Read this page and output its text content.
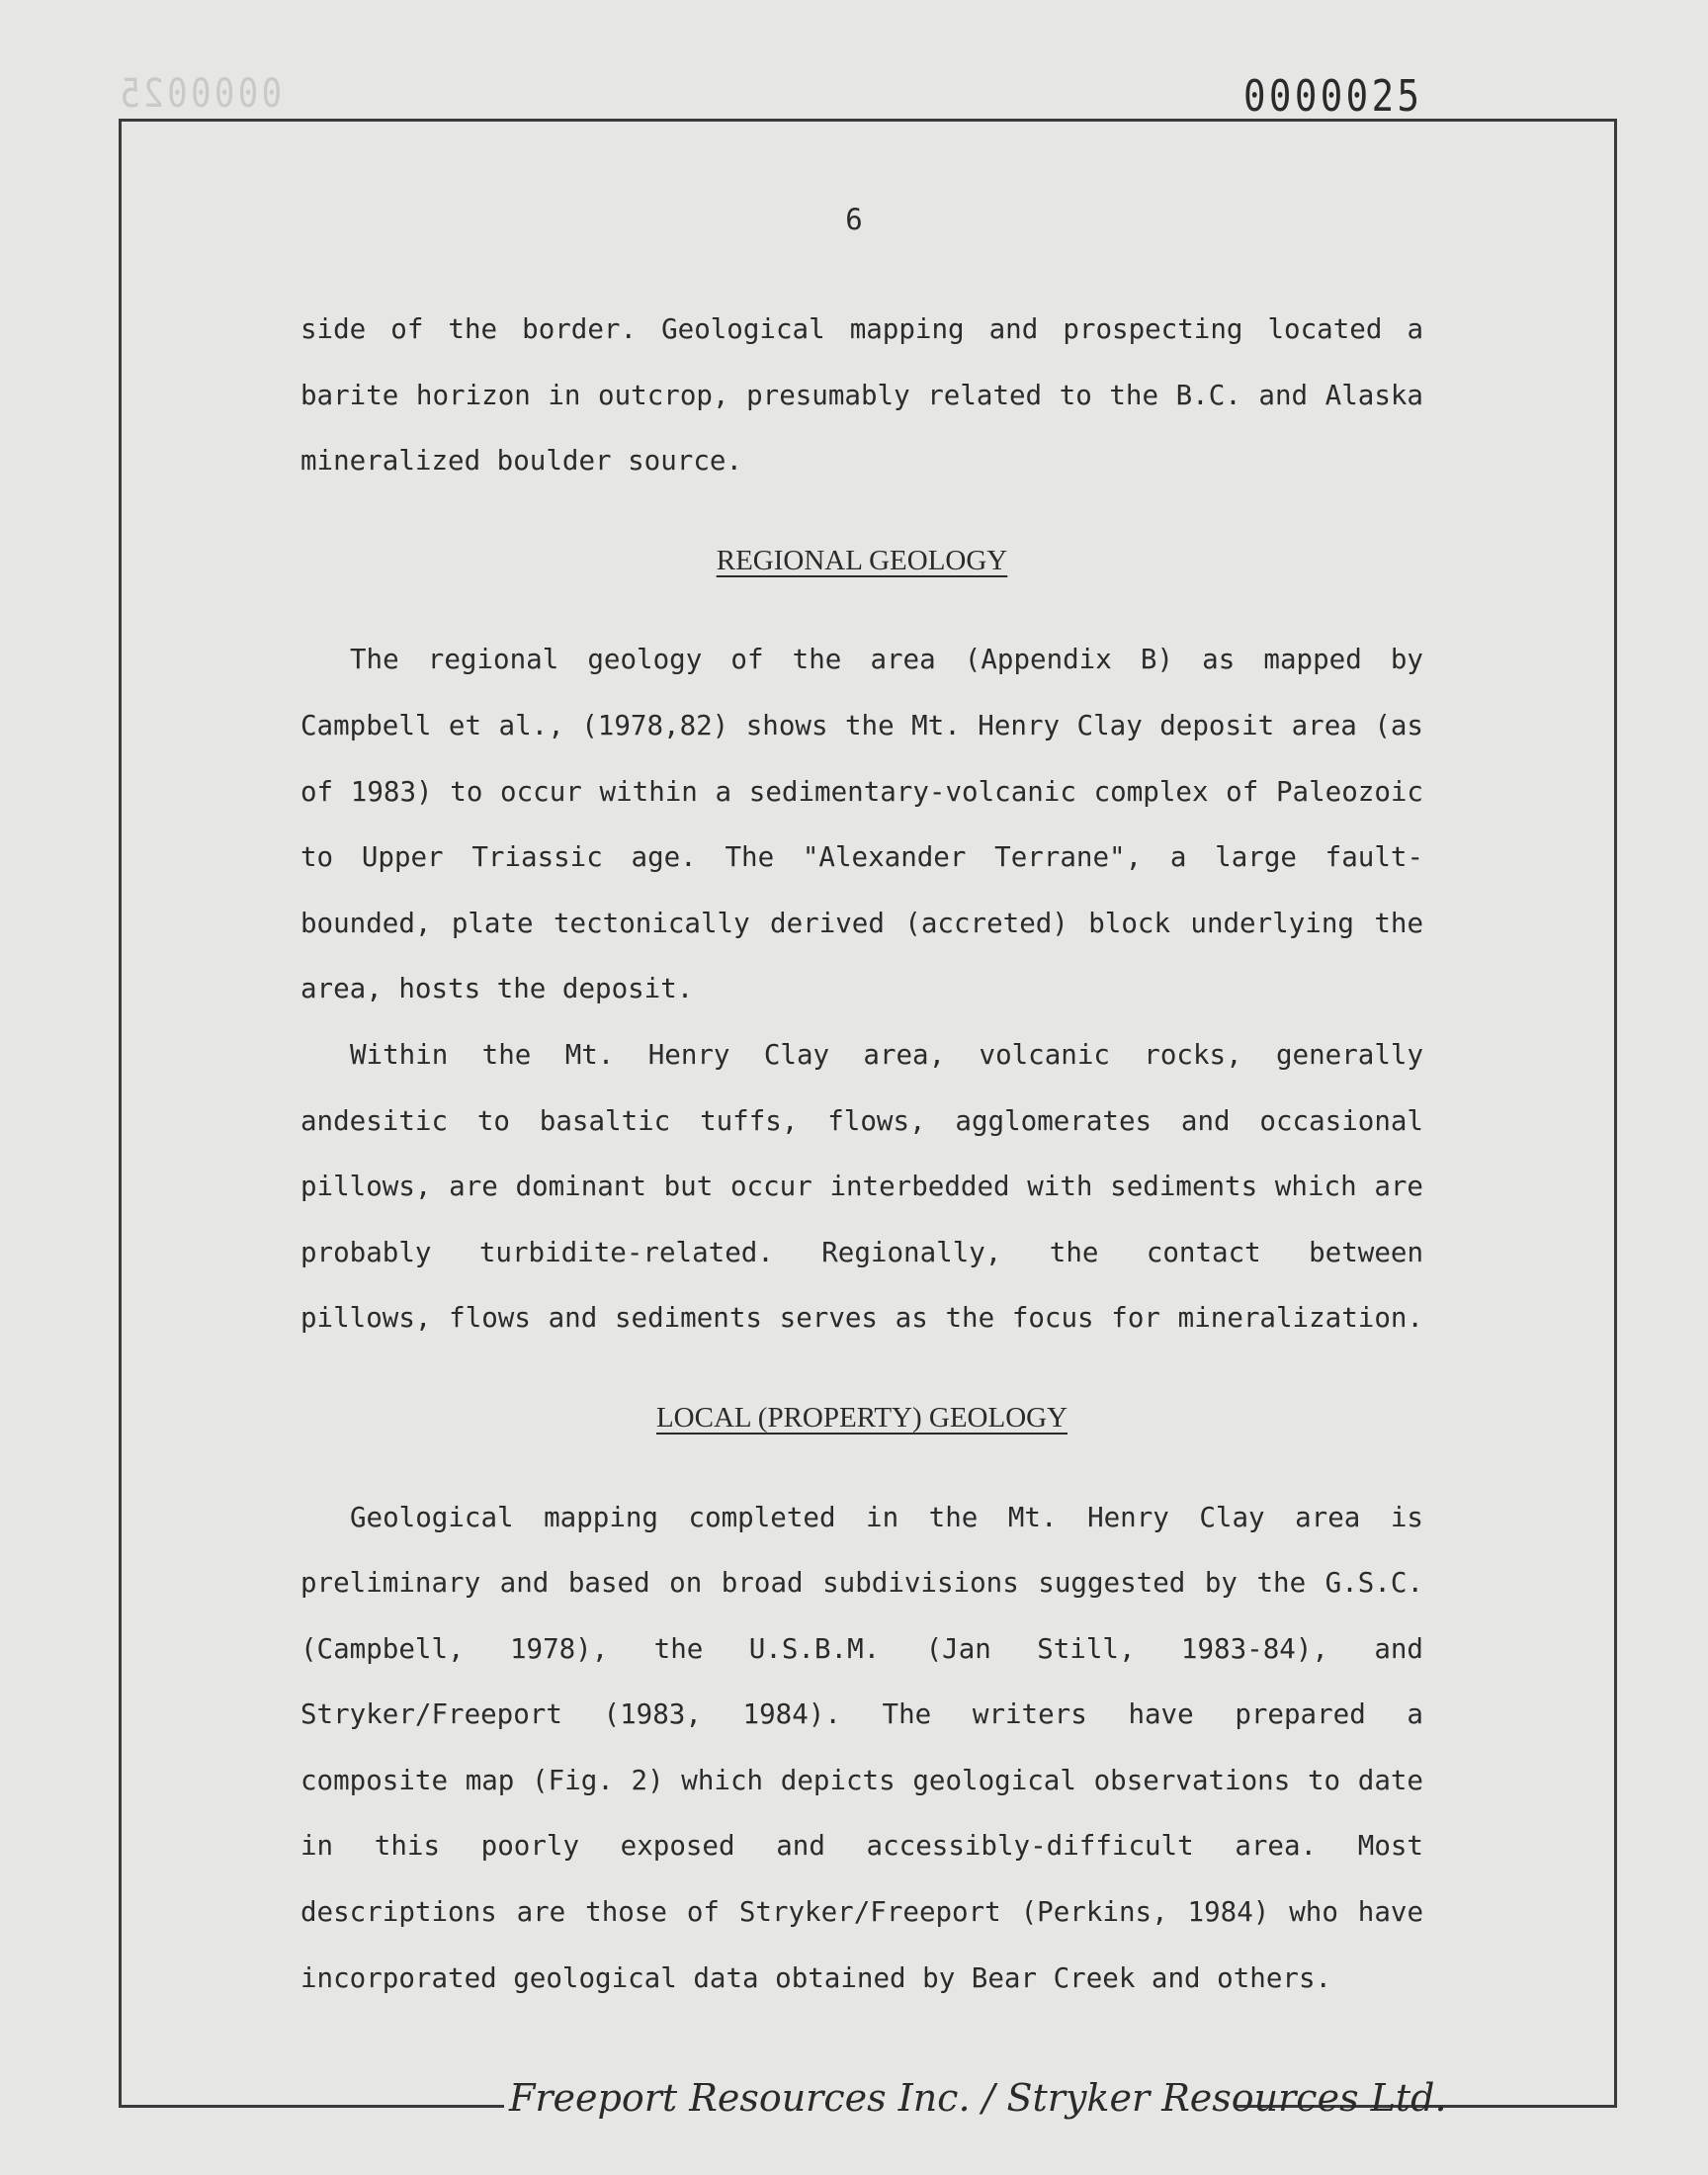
0000025	0000025
Freeport Resources Inc. / Stryker Resources Ltd.
6
side of the border. Geological mapping and prospecting located a
barite horizon in outcrop, presumably related to the B.C. and Alaska
mineralized boulder source.
REGIONAL GEOLOGY
The regional geology of the area (Appendix B) as mapped by
Campbell et al., (1978,82) shows the Mt. Henry Clay deposit area (as
of 1983) to occur within a sedimentary-volcanic complex of Paleozoic
to Upper Triassic age. The "Alexander Terrane", a large fault-
bounded, plate tectonically derived (accreted) block underlying the
area, hosts the deposit.
Within the Mt. Henry Clay area, volcanic rocks, generally
andesitic to basaltic tuffs, flows, agglomerates and occasional
pillows, are dominant but occur interbedded with sediments which are
probably turbidite-related. Regionally, the contact between
pillows, flows and sediments serves as the focus for mineralization.
LOCAL (PROPERTY) GEOLOGY
Geological mapping completed in the Mt. Henry Clay area is
preliminary and based on broad subdivisions suggested by the G.S.C.
(Campbell, 1978), the U.S.B.M. (Jan Still, 1983-84), and
Stryker/Freeport (1983, 1984). The writers have prepared a
composite map (Fig. 2) which depicts geological observations to date
in this poorly exposed and accessibly-difficult area. Most
descriptions are those of Stryker/Freeport (Perkins, 1984) who have
incorporated geological data obtained by Bear Creek and others.
